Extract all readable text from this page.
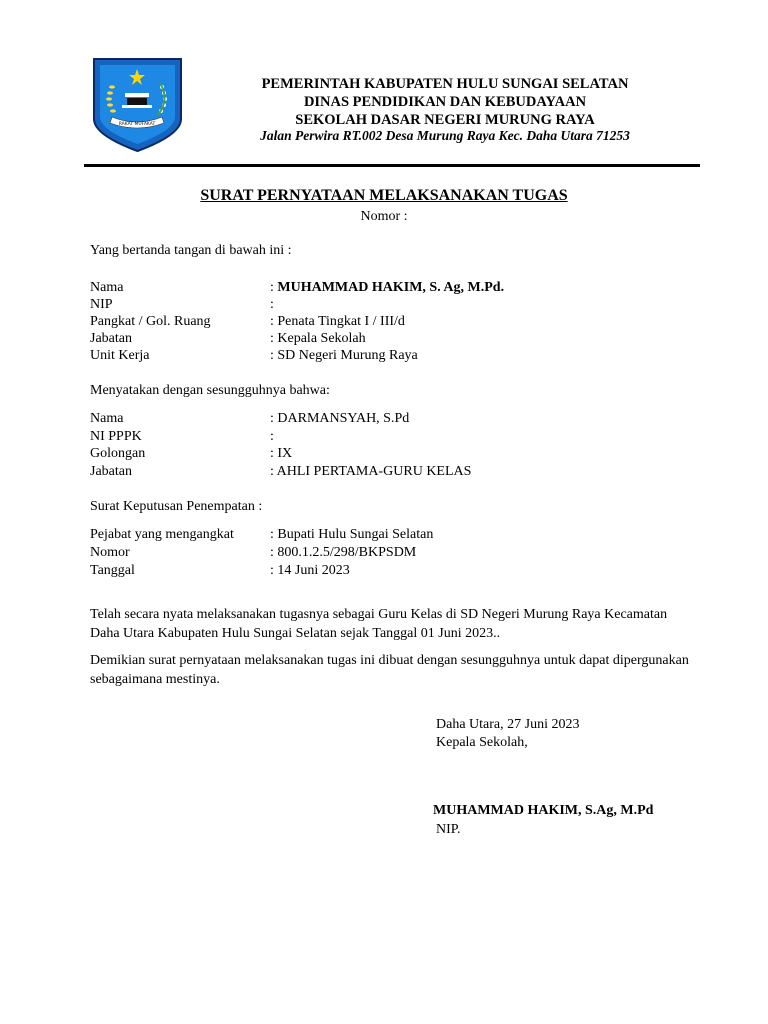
RAKAT MUFAKAT
PEMERINTAH KABUPATEN HULU SUNGAI SELATAN
DINAS PENDIDIKAN DAN KEBUDAYAAN
SEKOLAH DASAR NEGERI MURUNG RAYA
Jalan Perwira RT.002 Desa Murung Raya Kec. Daha Utara 71253
SURAT PERNYATAAN MELAKSANAKAN TUGAS
Nomor :
Yang bertanda tangan di bawah ini :
Nama	: MUHAMMAD HAKIM, S. Ag, M.Pd.
NIP	:
Pangkat / Gol. Ruang	: Penata Tingkat I / III/d
Jabatan	: Kepala Sekolah
Unit Kerja	: SD Negeri Murung Raya
Menyatakan dengan sesungguhnya bahwa:
Nama	: DARMANSYAH, S.Pd
NI PPPK	:
Golongan	: IX
Jabatan	: AHLI PERTAMA-GURU KELAS
Surat Keputusan Penempatan :
Pejabat yang mengangkat	: Bupati Hulu Sungai Selatan
Nomor	: 800.1.2.5/298/BKPSDM
Tanggal	: 14 Juni 2023
Telah secara nyata melaksanakan tugasnya sebagai Guru Kelas di SD Negeri Murung Raya Kecamatan Daha Utara Kabupaten Hulu Sungai Selatan sejak Tanggal 01 Juni 2023..
Demikian surat pernyataan melaksanakan tugas ini dibuat dengan sesungguhnya untuk dapat dipergunakan sebagaimana mestinya.
Daha Utara, 27 Juni 2023
Kepala Sekolah,
MUHAMMAD HAKIM, S.Ag, M.Pd
NIP.
